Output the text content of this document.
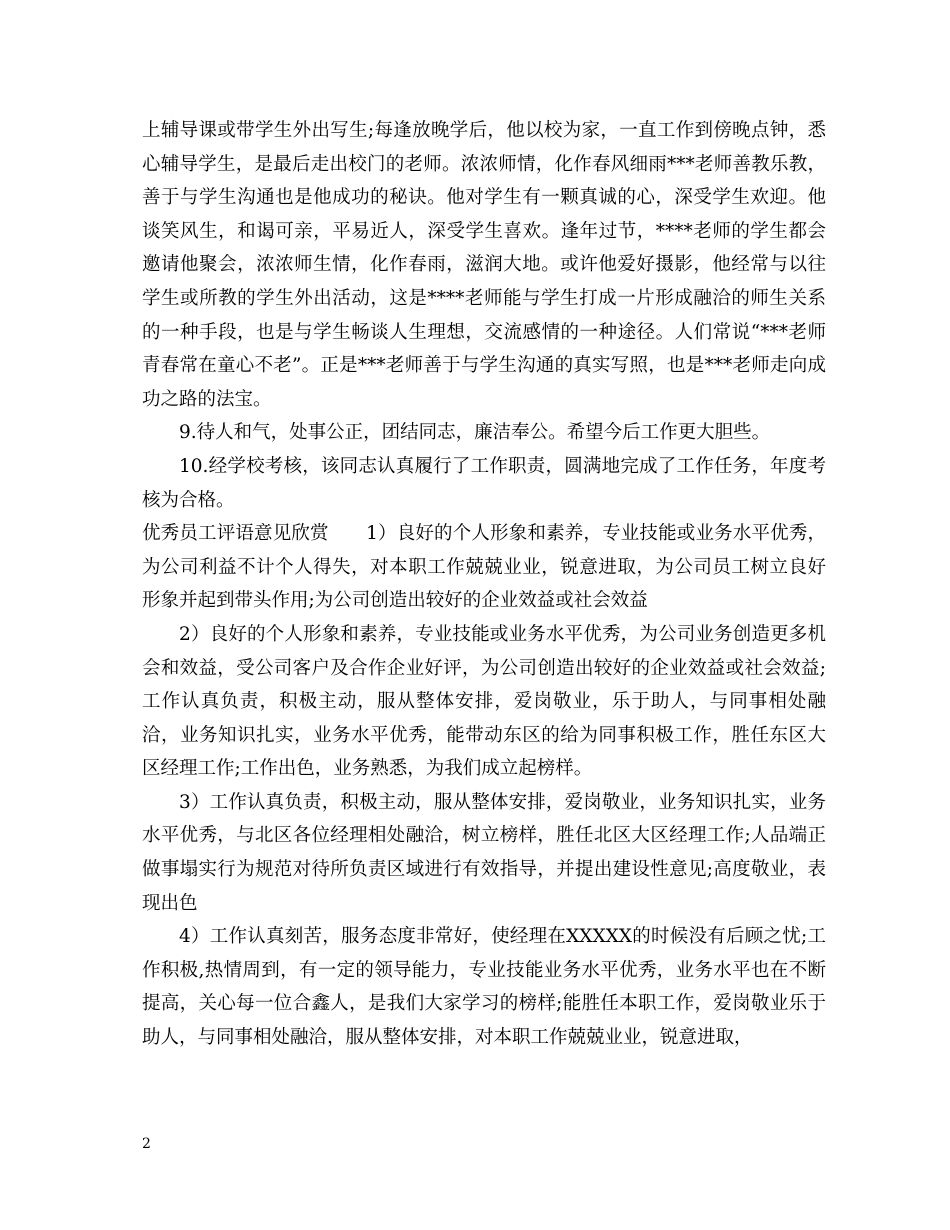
上辅导课或带学生外出写生;每逢放晚学后，他以校为家，一直工作到傍晚点钟，悉心辅导学生，是最后走出校门的老师。浓浓师情，化作春风细雨***老师善教乐教，善于与学生沟通也是他成功的秘诀。他对学生有一颗真诚的心，深受学生欢迎。他谈笑风生，和谒可亲，平易近人，深受学生喜欢。逢年过节，****老师的学生都会邀请他聚会，浓浓师生情，化作春雨，滋润大地。或许他爱好摄影，他经常与以往学生或所教的学生外出活动，这是****老师能与学生打成一片形成融洽的师生关系的一种手段，也是与学生畅谈人生理想，交流感情的一种途径。人们常说“***老师青春常在童心不老”。正是***老师善于与学生沟通的真实写照，也是***老师走向成功之路的法宝。

9.待人和气，处事公正，团结同志，廉洁奉公。希望今后工作更大胆些。

10.经学校考核，该同志认真履行了工作职责，圆满地完成了工作任务，年度考核为合格。

优秀员工评语意见欣赏　　1）良好的个人形象和素养，专业技能或业务水平优秀，为公司利益不计个人得失，对本职工作兢兢业业，锐意进取，为公司员工树立良好形象并起到带头作用;为公司创造出较好的企业效益或社会效益

2）良好的个人形象和素养，专业技能或业务水平优秀，为公司业务创造更多机会和效益，受公司客户及合作企业好评，为公司创造出较好的企业效益或社会效益;工作认真负责，积极主动，服从整体安排，爱岗敬业，乐于助人，与同事相处融洽，业务知识扎实，业务水平优秀，能带动东区的给为同事积极工作，胜任东区大区经理工作;工作出色，业务熟悉，为我们成立起榜样。

3）工作认真负责，积极主动，服从整体安排，爱岗敬业，业务知识扎实，业务水平优秀，与北区各位经理相处融洽，树立榜样，胜任北区大区经理工作;人品端正做事塌实行为规范对待所负责区域进行有效指导，并提出建设性意见;高度敬业，表现出色

4）工作认真刻苦，服务态度非常好，使经理在XXXXX的时候没有后顾之忧;工作积极,热情周到，有一定的领导能力，专业技能业务水平优秀，业务水平也在不断提高，关心每一位合鑫人，是我们大家学习的榜样;能胜任本职工作，爱岗敬业乐于助人，与同事相处融洽，服从整体安排，对本职工作兢兢业业，锐意进取，

2
